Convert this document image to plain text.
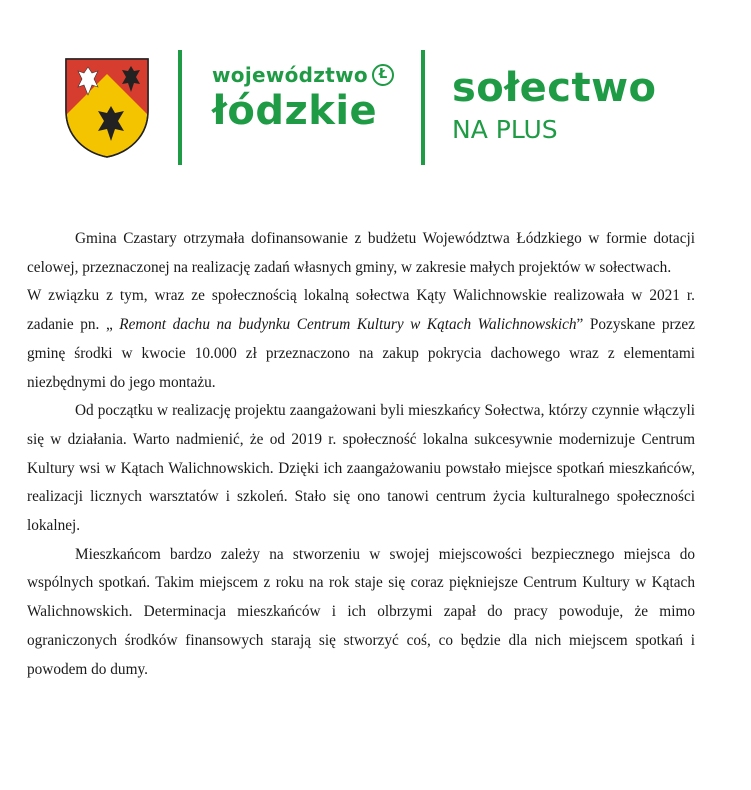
województwo
łódzkie
Ł sołectwo
NA PLUS

Gmina Czastary otrzymała dofinansowanie z budżetu Województwa Łódzkiego w formie dotacji celowej, przeznaczonej na realizację zadań własnych gminy, w zakresie małych projektów w sołectwach.

W związku z tym, wraz ze społecznością lokalną sołectwa Kąty Walichnowskie realizowała w 2021 r. zadanie pn. „ Remont dachu na budynku Centrum Kultury w Kątach Walichnowskich” Pozyskane przez gminę środki w kwocie 10.000 zł przeznaczono na zakup pokrycia dachowego wraz z elementami niezbędnymi do jego montażu.

Od początku w realizację projektu zaangażowani byli mieszkańcy Sołectwa, którzy czynnie włączyli się w działania. Warto nadmienić, że od 2019 r. społeczność lokalna sukcesywnie modernizuje Centrum Kultury wsi w Kątach Walichnowskich. Dzięki ich zaangażowaniu powstało miejsce spotkań mieszkańców, realizacji licznych warsztatów i szkoleń. Stało się ono tanowi centrum życia kulturalnego społeczności lokalnej.

Mieszkańcom bardzo zależy na stworzeniu w swojej miejscowości bezpiecznego miejsca do wspólnych spotkań. Takim miejscem z roku na rok staje się coraz piękniejsze Centrum Kultury w Kątach Walichnowskich. Determinacja mieszkańców i ich olbrzymi zapał do pracy powoduje, że mimo ograniczonych środków finansowych starają się stworzyć coś, co będzie dla nich miejscem spotkań i powodem do dumy.
